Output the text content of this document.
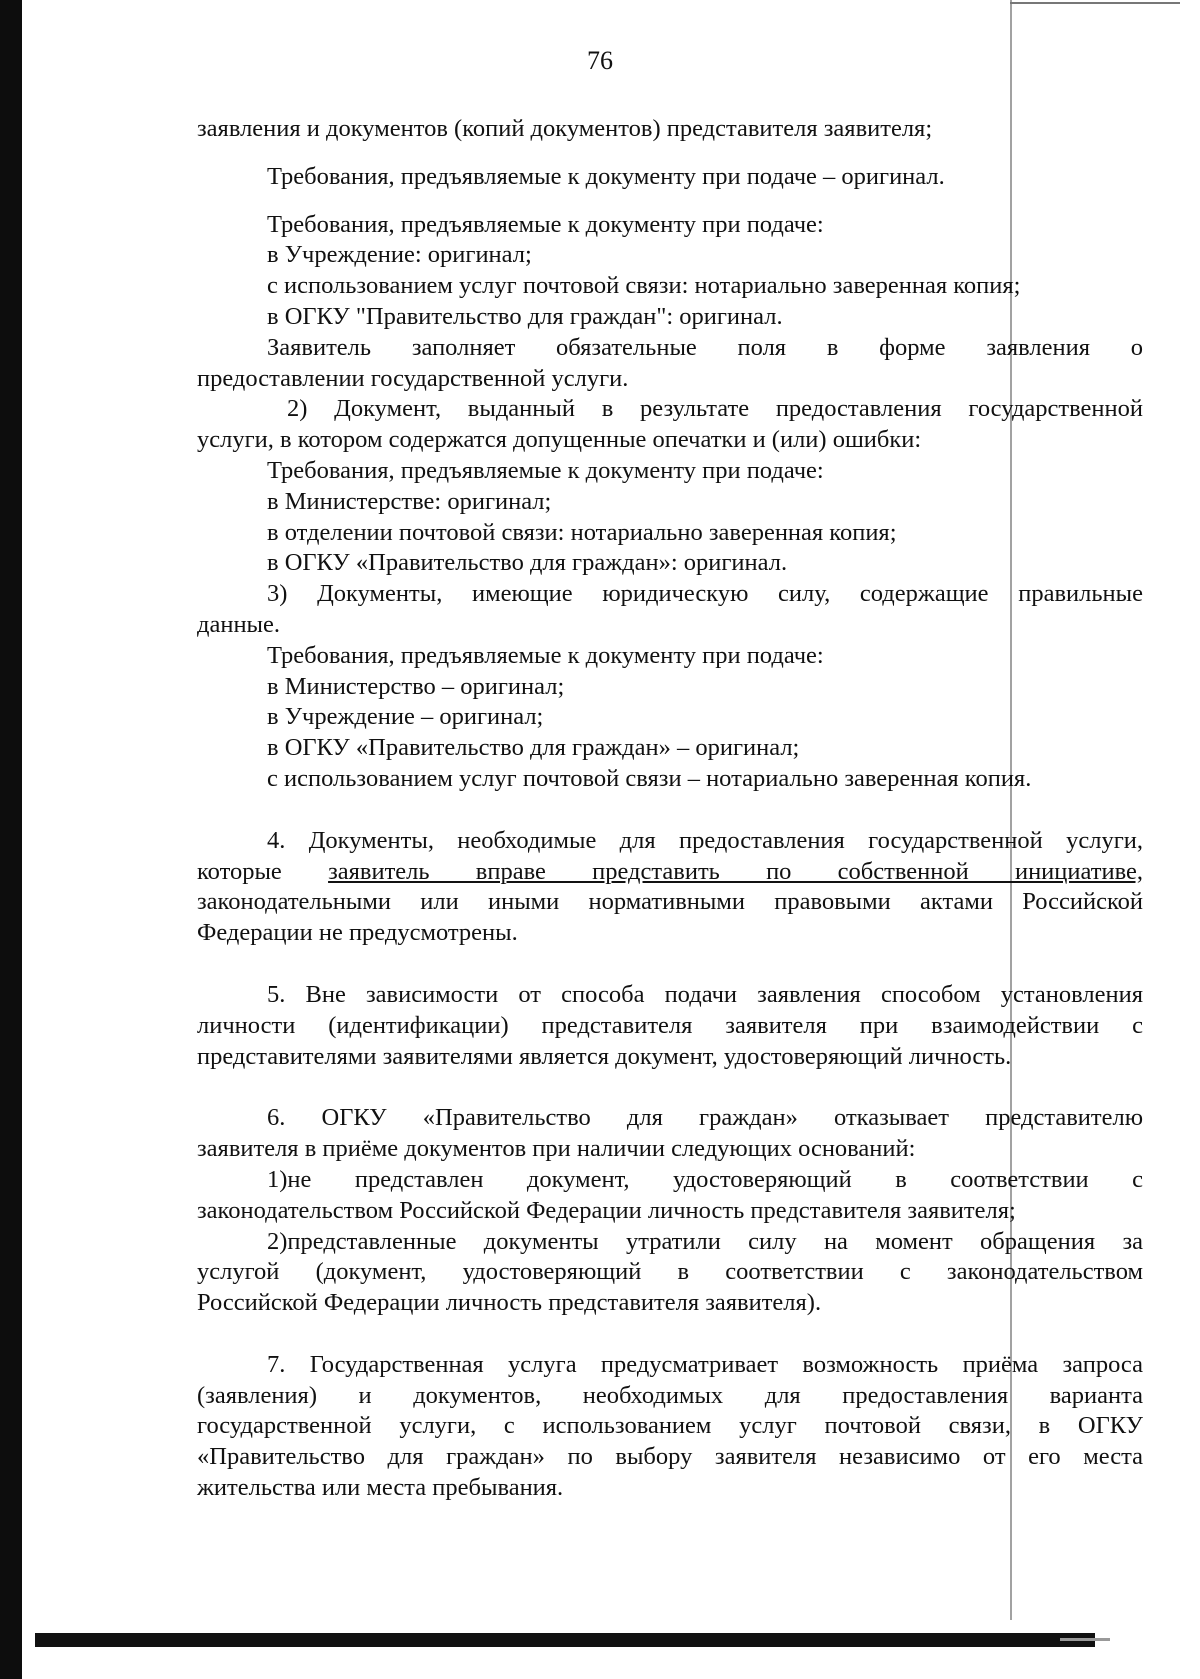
76

заявления и документов (копий документов) представителя заявителя;

Требования, предъявляемые к документу при подаче – оригинал.

Требования, предъявляемые к документу при подаче:

в Учреждение: оригинал;

с использованием услуг почтовой связи: нотариально заверенная копия;

в ОГКУ "Правительство для граждан": оригинал.

Заявитель заполняет обязательные поля в форме заявления о

предоставлении государственной услуги.

2) Документ, выданный в результате предоставления государственной

услуги, в котором содержатся допущенные опечатки и (или) ошибки:

Требования, предъявляемые к документу при подаче:

в Министерстве: оригинал;

в отделении почтовой связи: нотариально заверенная копия;

в ОГКУ «Правительство для граждан»: оригинал.

3) Документы, имеющие юридическую силу, содержащие правильные

данные.

Требования, предъявляемые к документу при подаче:

в Министерство – оригинал;

в Учреждение – оригинал;

в ОГКУ «Правительство для граждан» – оригинал;

с использованием услуг почтовой связи – нотариально заверенная копия.

4. Документы, необходимые для предоставления государственной услуги,

которые заявитель вправе представить по собственной инициативе,

законодательными или иными нормативными правовыми актами Российской

Федерации не предусмотрены.

5. Вне зависимости от способа подачи заявления способом установления

личности (идентификации) представителя заявителя при взаимодействии с

представителями заявителями является документ, удостоверяющий личность.

6. ОГКУ «Правительство для граждан» отказывает представителю

заявителя в приёме документов при наличии следующих оснований:

1)не представлен документ, удостоверяющий в соответствии с

законодательством Российской Федерации личность представителя заявителя;

2)представленные документы утратили силу на момент обращения за

услугой (документ, удостоверяющий в соответствии с законодательством

Российской Федерации личность представителя заявителя).

7. Государственная услуга предусматривает возможность приёма запроса

(заявления) и документов, необходимых для предоставления варианта

государственной услуги, с использованием услуг почтовой связи, в ОГКУ

«Правительство для граждан» по выбору заявителя независимо от его места

жительства или места пребывания.
